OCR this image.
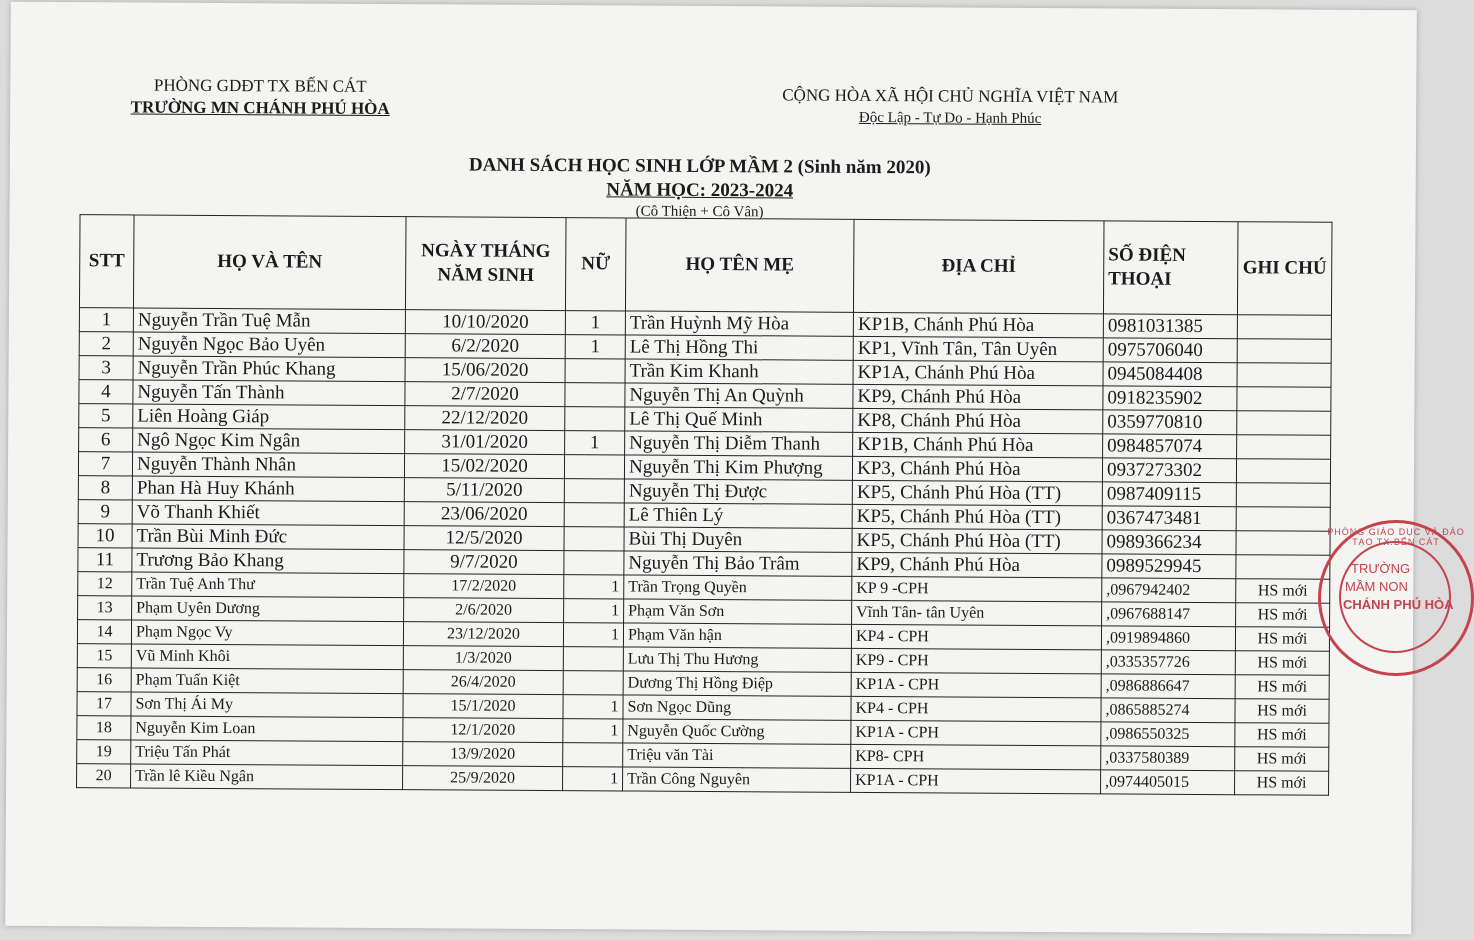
PHÒNG GDĐT TX BẾN CÁT
TRƯỜNG MN CHÁNH PHÚ HÒA
CỘNG HÒA XÃ HỘI CHỦ NGHĨA VIỆT NAM
Độc Lập - Tự Do - Hạnh Phúc
DANH SÁCH HỌC SINH LỚP MẦM 2 (Sinh năm 2020)
NĂM HỌC: 2023-2024
(Cô Thiện + Cô Vân)
STT	HỌ VÀ TÊN	NGÀY THÁNG NĂM SINH	NỮ	HỌ TÊN MẸ	ĐỊA CHỈ	SỐ ĐIỆN THOẠI	GHI CHÚ
1	Nguyễn Trần Tuệ Mẫn	10/10/2020	1	Trần Huỳnh Mỹ Hòa	KP1B, Chánh Phú Hòa	0981031385	
2	Nguyễn Ngọc Bảo Uyên	6/2/2020	1	Lê Thị Hồng Thi	KP1, Vĩnh Tân, Tân Uyên	0975706040	
3	Nguyễn Trần Phúc Khang	15/06/2020		Trần Kim Khanh	KP1A, Chánh Phú Hòa	0945084408	
4	Nguyễn Tấn Thành	2/7/2020		Nguyễn Thị An Quỳnh	KP9, Chánh Phú Hòa	0918235902	
5	Liên Hoàng Giáp	22/12/2020		Lê Thị Quế Minh	KP8, Chánh Phú Hòa	0359770810	
6	Ngô Ngọc Kim Ngân	31/01/2020	1	Nguyễn Thị Diễm Thanh	KP1B, Chánh Phú Hòa	0984857074	
7	Nguyễn Thành Nhân	15/02/2020		Nguyễn Thị Kim Phượng	KP3, Chánh Phú Hòa	0937273302	
8	Phan Hà Huy Khánh	5/11/2020		Nguyễn Thị Được	KP5, Chánh Phú Hòa (TT)	0987409115	
9	Võ Thanh Khiết	23/06/2020		Lê Thiên Lý	KP5, Chánh Phú Hòa (TT)	0367473481	
10	Trần Bùi Minh Đức	12/5/2020		Bùi Thị Duyên	KP5, Chánh Phú Hòa (TT)	0989366234	
11	Trương Bảo Khang	9/7/2020		Nguyễn Thị Bảo Trâm	KP9, Chánh Phú Hòa	0989529945	
12	Trần Tuệ Anh Thư	17/2/2020	1	Trần Trọng Quyền	KP 9 -CPH	,0967942402	HS mới
13	Phạm Uyên Dương	2/6/2020	1	Phạm Văn Sơn	Vĩnh Tân- tân Uyên	,0967688147	HS mới
14	Phạm Ngọc Vy	23/12/2020	1	Phạm Văn hận	KP4 - CPH	,0919894860	HS mới
15	Vũ Minh Khôi	1/3/2020		Lưu Thị Thu Hương	KP9 - CPH	,0335357726	HS mới
16	Phạm Tuấn Kiệt	26/4/2020		Dương Thị Hồng Điệp	KP1A - CPH	,0986886647	HS mới
17	Sơn Thị Ái My	15/1/2020	1	Sơn Ngọc Dũng	KP4 - CPH	,0865885274	HS mới
18	Nguyễn Kim Loan	12/1/2020	1	Nguyễn Quốc Cường	KP1A - CPH	,0986550325	HS mới
19	Triệu Tấn Phát	13/9/2020		Triệu văn Tài	KP8- CPH	,0337580389	HS mới
20	Trần lê Kiều Ngân	25/9/2020	1	Trần Công Nguyên	KP1A - CPH	,0974405015	HS mới
PHÒNG GIÁO DỤC VÀ ĐÀO TẠO TX.BẾN CÁT
TRƯỜNG
MẦM NON
CHÁNH PHÚ HÒA
